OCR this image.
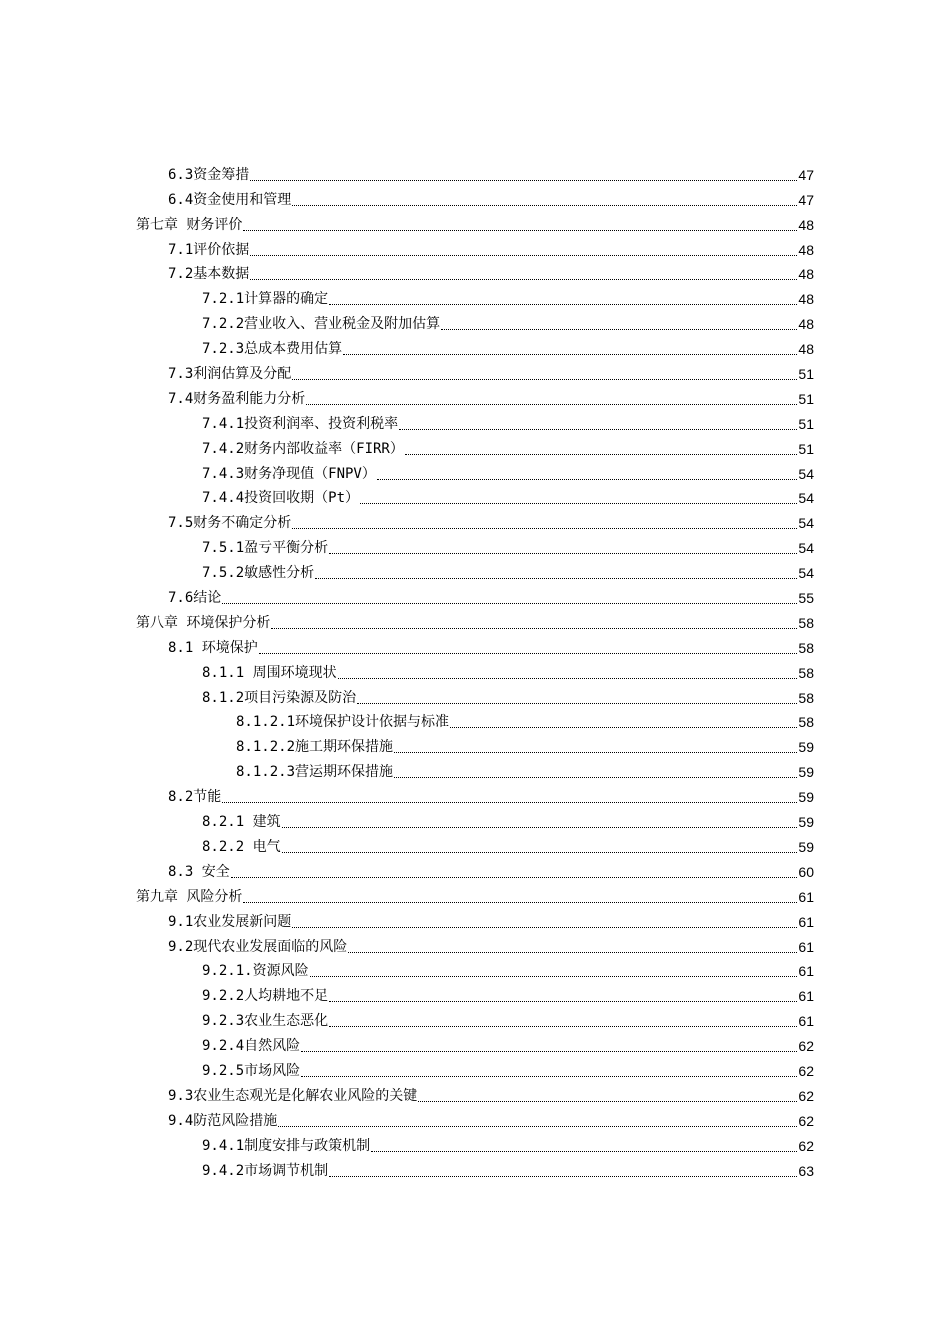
6.3资金筹措	47
6.4资金使用和管理	47
第七章 财务评价	48
7.1评价依据	48
7.2基本数据	48
7.2.1计算器的确定	48
7.2.2营业收入、营业税金及附加估算	48
7.2.3总成本费用估算	48
7.3利润估算及分配	51
7.4财务盈利能力分析	51
7.4.1投资利润率、投资利税率	51
7.4.2财务内部收益率（FIRR）	51
7.4.3财务净现值（FNPV）	54
7.4.4投资回收期（Pt）	54
7.5财务不确定分析	54
7.5.1盈亏平衡分析	54
7.5.2敏感性分析	54
7.6结论	55
第八章 环境保护分析	58
8.1 环境保护	58
8.1.1 周围环境现状	58
8.1.2项目污染源及防治	58
8.1.2.1环境保护设计依据与标准	58
8.1.2.2施工期环保措施	59
8.1.2.3营运期环保措施	59
8.2节能	59
8.2.1 建筑	59
8.2.2 电气	59
8.3 安全	60
第九章 风险分析	61
9.1农业发展新问题	61
9.2现代农业发展面临的风险	61
9.2.1.资源风险	61
9.2.2人均耕地不足	61
9.2.3农业生态恶化	61
9.2.4自然风险	62
9.2.5市场风险	62
9.3农业生态观光是化解农业风险的关键	62
9.4防范风险措施	62
9.4.1制度安排与政策机制	62
9.4.2市场调节机制	63
